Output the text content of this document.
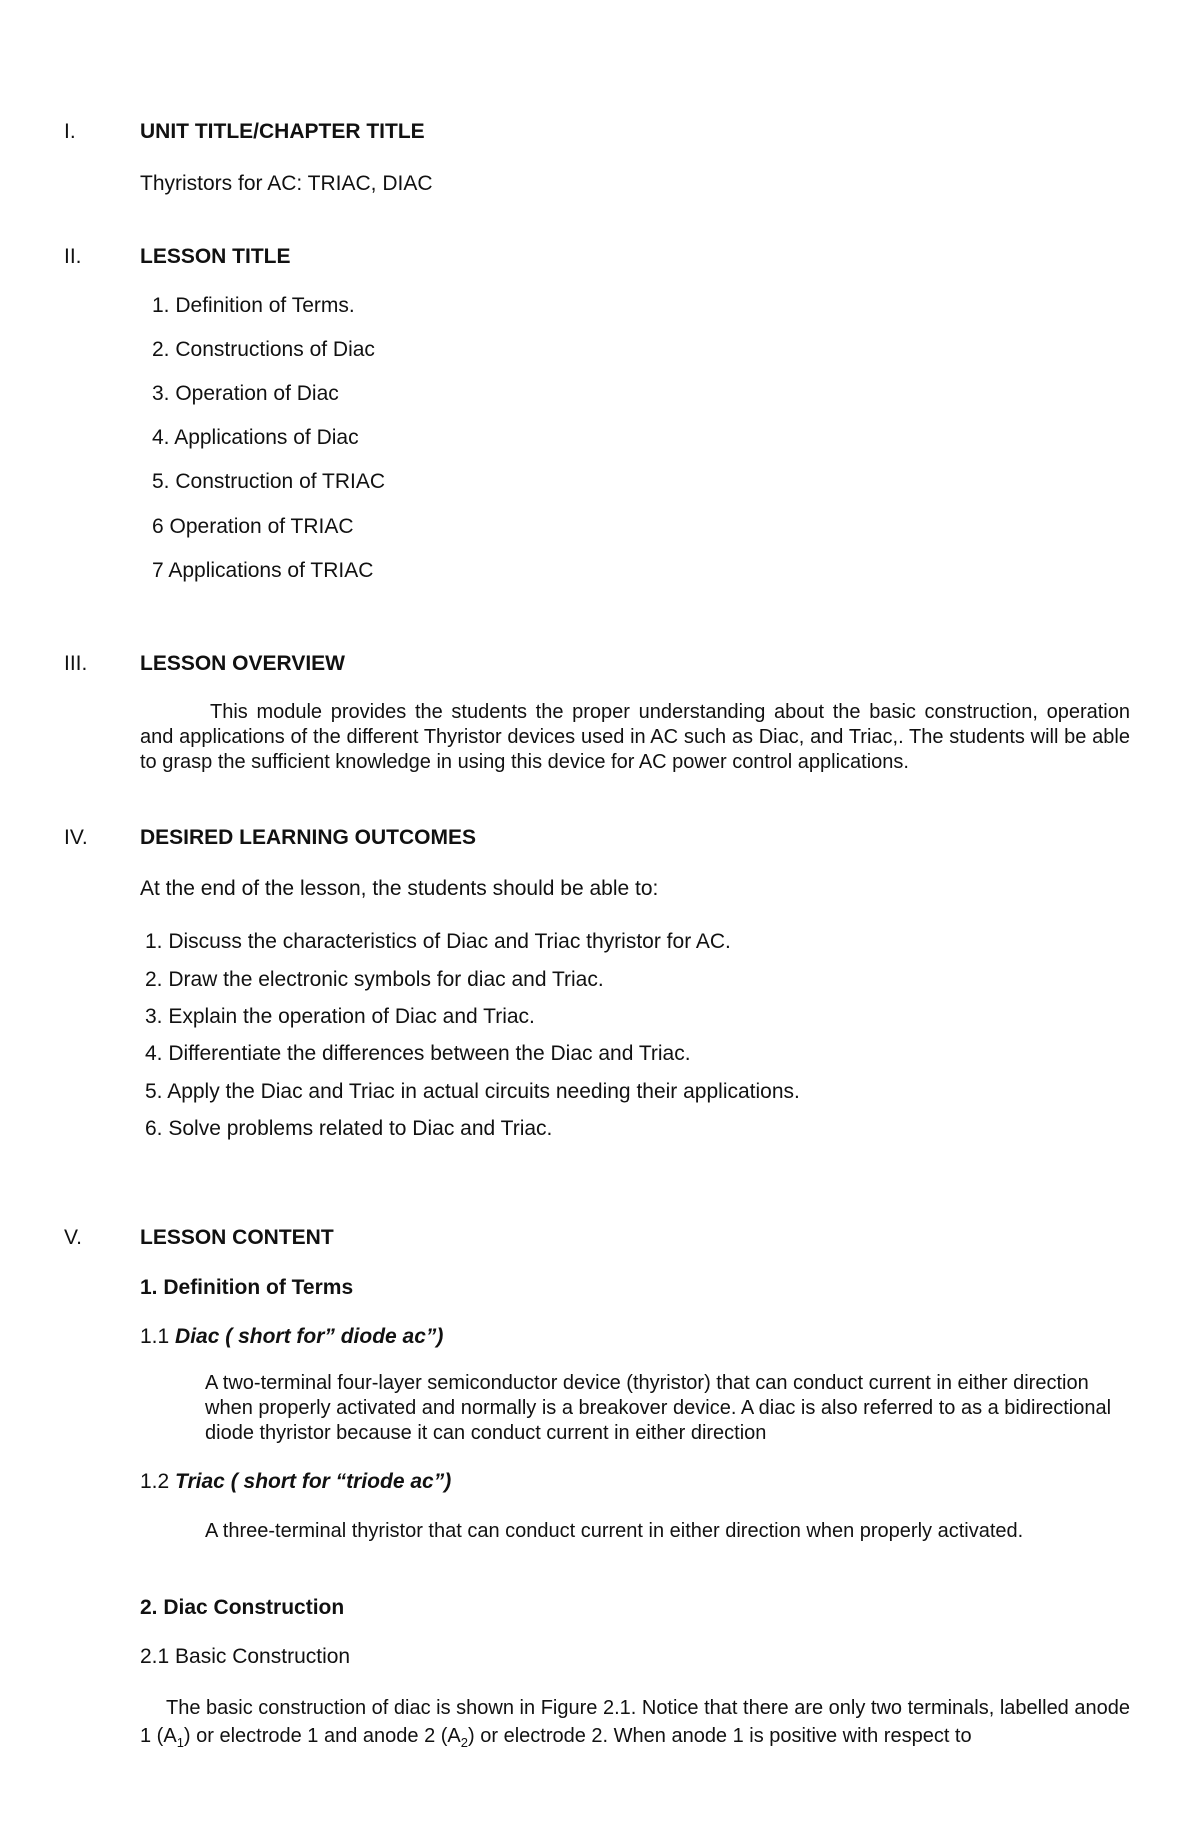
I.	UNIT TITLE/CHAPTER TITLE
Thyristors for AC: TRIAC, DIAC
II.	LESSON TITLE
1. Definition of Terms.
2. Constructions of Diac
3. Operation of Diac
4. Applications of Diac
5. Construction of TRIAC
6 Operation of TRIAC
7 Applications of TRIAC
III.	LESSON OVERVIEW
This module provides the students the proper understanding about the basic construction, operation and applications of the different Thyristor devices used in AC such as Diac, and Triac,. The students will be able to grasp the sufficient knowledge in using this device for AC power control applications.
IV. DESIRED LEARNING OUTCOMES
At the end of the lesson, the students should be able to:
1. Discuss the characteristics of Diac and Triac thyristor for AC.
2. Draw the electronic symbols for diac and Triac.
3. Explain the operation of Diac and Triac.
4. Differentiate the differences between the Diac and Triac.
5. Apply the Diac and Triac in actual circuits needing their applications.
6. Solve problems related to Diac and Triac.
V.	LESSON CONTENT
1. Definition of Terms
1.1 Diac ( short for” diode ac”)
A two-terminal four-layer semiconductor device (thyristor) that can conduct current in either direction when properly activated and normally is a breakover device. A diac is also referred to as a bidirectional diode thyristor because it can conduct current in either direction
1.2 Triac ( short for “triode ac”)
A three-terminal thyristor that can conduct current in either direction when properly activated.
2. Diac Construction
2.1 Basic Construction
The basic construction of diac is shown in Figure 2.1. Notice that there are only two terminals, labelled anode 1 $(A_1)$ or electrode 1 and anode 2 $(A_2)$ or electrode 2. When anode 1 is positive with respect to
